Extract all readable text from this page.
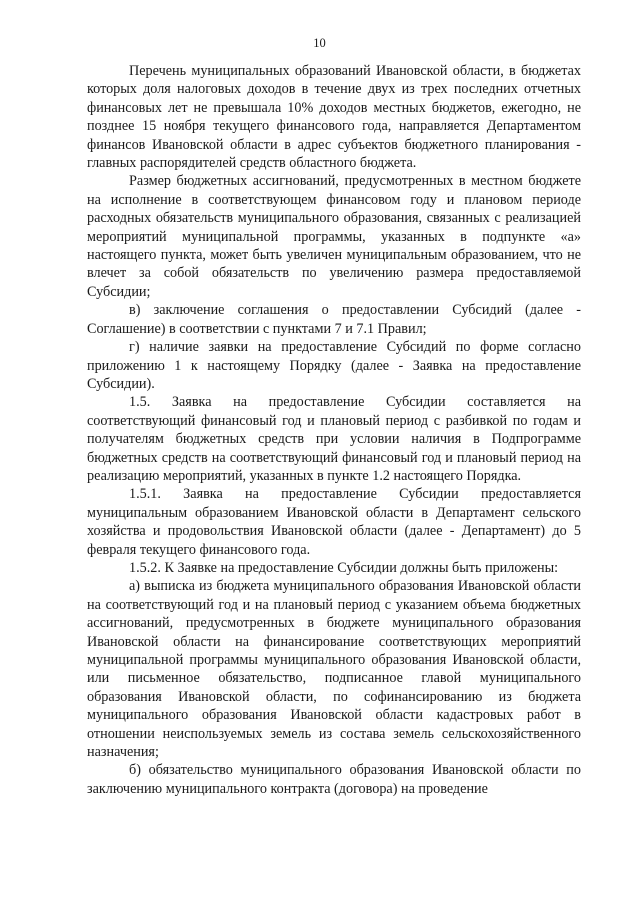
10

Перечень муниципальных образований Ивановской области, в бюджетах которых доля налоговых доходов в течение двух из трех последних отчетных финансовых лет не превышала 10% доходов местных бюджетов, ежегодно, не позднее 15 ноября текущего финансового года, направляется Департаментом финансов Ивановской области в адрес субъектов бюджетного планирования - главных распорядителей средств областного бюджета.

Размер бюджетных ассигнований, предусмотренных в местном бюджете на исполнение в соответствующем финансовом году и плановом периоде расходных обязательств муниципального образования, связанных с реализацией мероприятий муниципальной программы, указанных в подпункте «а» настоящего пункта, может быть увеличен муниципальным образованием, что не влечет за собой обязательств по увеличению размера предоставляемой Субсидии;

в) заключение соглашения о предоставлении Субсидий (далее - Соглашение) в соответствии с пунктами 7 и 7.1 Правил;

г) наличие заявки на предоставление Субсидий по форме согласно приложению 1 к настоящему Порядку (далее - Заявка на предоставление Субсидии).

1.5. Заявка на предоставление Субсидии составляется на соответствующий финансовый год и плановый период с разбивкой по годам и получателям бюджетных средств при условии наличия в Подпрограмме бюджетных средств на соответствующий финансовый год и плановый период на реализацию мероприятий, указанных в пункте 1.2 настоящего Порядка.

1.5.1. Заявка на предоставление Субсидии предоставляется муниципальным образованием Ивановской области в Департамент сельского хозяйства и продовольствия Ивановской области (далее - Департамент) до 5 февраля текущего финансового года.

1.5.2. К Заявке на предоставление Субсидии должны быть приложены:

а) выписка из бюджета муниципального образования Ивановской области на соответствующий год и на плановый период с указанием объема бюджетных ассигнований, предусмотренных в бюджете муниципального образования Ивановской области на финансирование соответствующих мероприятий муниципальной программы муниципального образования Ивановской области, или письменное обязательство, подписанное главой муниципального образования Ивановской области, по софинансированию из бюджета муниципального образования Ивановской области кадастровых работ в отношении неиспользуемых земель из состава земель сельскохозяйственного назначения;

б) обязательство муниципального образования Ивановской области по заключению муниципального контракта (договора) на проведение
